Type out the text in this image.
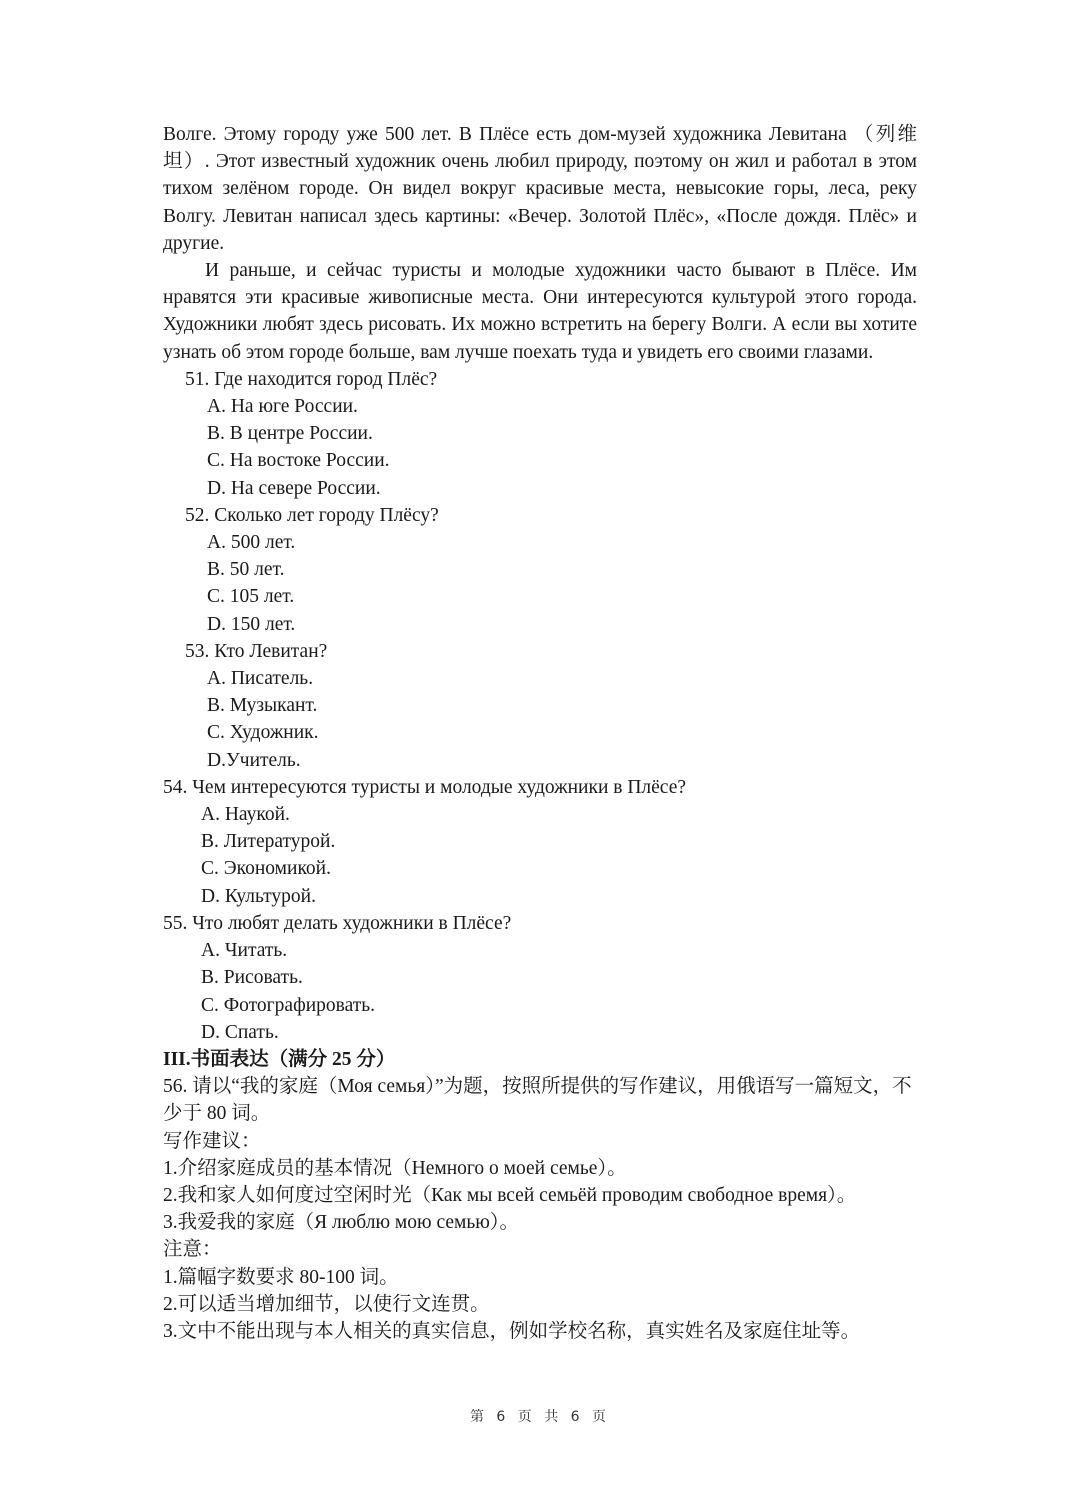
Волге. Этому городу уже 500 лет. В Плёсе есть дом-музей художника Левитана （列维坦）. Этот известный художник очень любил природу, поэтому он жил и работал в этом тихом зелёном городе. Он видел вокруг красивые места, невысокие горы, леса, реку Волгу. Левитан написал здесь картины: «Вечер. Золотой Плёс», «После дождя. Плёс» и другие.

И раньше, и сейчас туристы и молодые художники часто бывают в Плёсе. Им нравятся эти красивые живописные места. Они интересуются культурой этого города. Художники любят здесь рисовать. Их можно встретить на берегу Волги. А если вы хотите узнать об этом городе больше, вам лучше поехать туда и увидеть его своими глазами.

51. Где находится город Плёс?

A. На юге России.

B. В центре России.

C. На востоке России.

D. На севере России.

52. Сколько лет городу Плёсу?

A. 500 лет.

B. 50 лет.

C. 105 лет.

D. 150 лет.

53. Кто Левитан?

A. Писатель.

B. Музыкант.

C. Художник.

D.Учитель.

54. Чем интересуются туристы и молодые художники в Плёсе?

A. Наукой.

B. Литературой.

C. Экономикой.

D. Культурой.

55. Что любят делать художники в Плёсе?

A. Читать.

B. Рисовать.

C. Фотографировать.

D. Спать.

III.书面表达（满分 25 分）

56. 请以“我的家庭（Моя семья）”为题，按照所提供的写作建议，用俄语写一篇短文，不少于 80 词。

写作建议：

1.介绍家庭成员的基本情况（Немного о моей семье）。

2.我和家人如何度过空闲时光（Как мы всей семьёй проводим свободное время）。

3.我爱我的家庭（Я люблю мою семью）。

注意：

1.篇幅字数要求 80-100 词。

2.可以适当增加细节，以使行文连贯。

3.文中不能出现与本人相关的真实信息，例如学校名称，真实姓名及家庭住址等。

第 6 页 共 6 页
